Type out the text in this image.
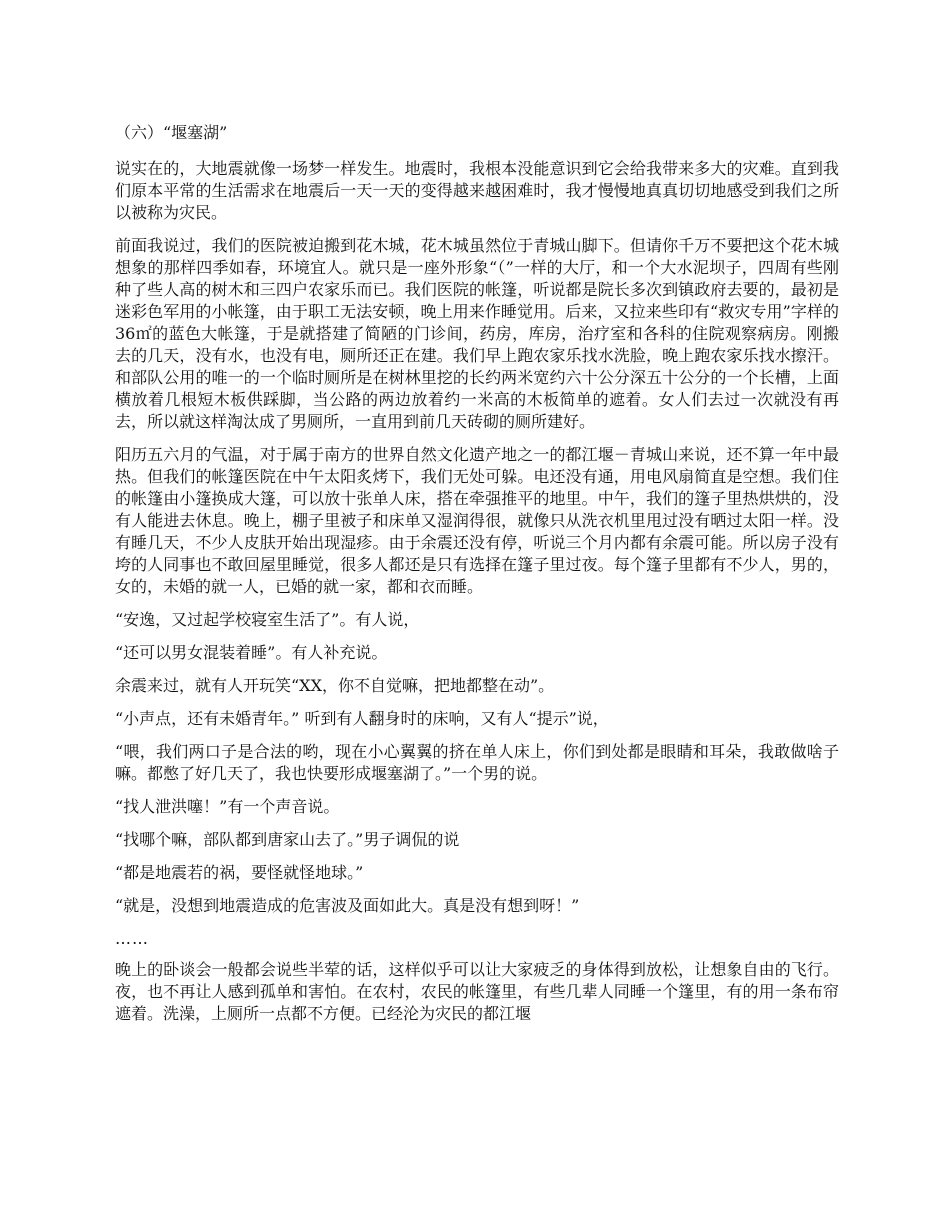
（六）“堰塞湖”

说实在的，大地震就像一场梦一样发生。地震时，我根本没能意识到它会给我带来多大的灾难。直到我们原本平常的生活需求在地震后一天一天的变得越来越困难时，我才慢慢地真真切切地感受到我们之所以被称为灾民。

前面我说过，我们的医院被迫搬到花木城，花木城虽然位于青城山脚下。但请你千万不要把这个花木城想象的那样四季如春，环境宜人。就只是一座外形象“（”一样的大厅，和一个大水泥坝子，四周有些刚种了些人高的树木和三四户农家乐而已。我们医院的帐篷，听说都是院长多次到镇政府去要的，最初是迷彩色军用的小帐篷，由于职工无法安顿，晚上用来作睡觉用。后来，又拉来些印有“救灾专用”字样的36㎡的蓝色大帐篷，于是就搭建了简陋的门诊间，药房，库房，治疗室和各科的住院观察病房。刚搬去的几天，没有水，也没有电，厕所还正在建。我们早上跑农家乐找水洗脸，晚上跑农家乐找水擦汗。和部队公用的唯一的一个临时厕所是在树林里挖的长约两米宽约六十公分深五十公分的一个长槽，上面横放着几根短木板供踩脚，当公路的两边放着约一米高的木板简单的遮着。女人们去过一次就没有再去，所以就这样淘汰成了男厕所，一直用到前几天砖砌的厕所建好。

阳历五六月的气温，对于属于南方的世界自然文化遗产地之一的都江堰－青城山来说，还不算一年中最热。但我们的帐篷医院在中午太阳炙烤下，我们无处可躲。电还没有通，用电风扇简直是空想。我们住的帐篷由小篷换成大篷，可以放十张单人床，搭在牵强推平的地里。中午，我们的篷子里热烘烘的，没有人能进去休息。晚上，棚子里被子和床单又湿润得很，就像只从洗衣机里甩过没有晒过太阳一样。没有睡几天，不少人皮肤开始出现湿疹。由于余震还没有停，听说三个月内都有余震可能。所以房子没有垮的人同事也不敢回屋里睡觉，很多人都还是只有选择在篷子里过夜。每个篷子里都有不少人，男的，女的，未婚的就一人，已婚的就一家，都和衣而睡。

“安逸，又过起学校寝室生活了”。有人说，

“还可以男女混装着睡”。有人补充说。

余震来过，就有人开玩笑“XX，你不自觉嘛，把地都整在动”。

“小声点，还有未婚青年。” 听到有人翻身时的床响，又有人“提示”说，

“喂，我们两口子是合法的哟，现在小心翼翼的挤在单人床上，你们到处都是眼睛和耳朵，我敢做啥子嘛。都憋了好几天了，我也快要形成堰塞湖了。”一个男的说。

“找人泄洪噻！”有一个声音说。

“找哪个嘛，部队都到唐家山去了。”男子调侃的说

“都是地震若的祸，要怪就怪地球。”

“就是，没想到地震造成的危害波及面如此大。真是没有想到呀！”

……

晚上的卧谈会一般都会说些半荤的话，这样似乎可以让大家疲乏的身体得到放松，让想象自由的飞行。夜，也不再让人感到孤单和害怕。在农村，农民的帐篷里，有些几辈人同睡一个篷里，有的用一条布帘遮着。洗澡，上厕所一点都不方便。已经沦为灾民的都江堰
